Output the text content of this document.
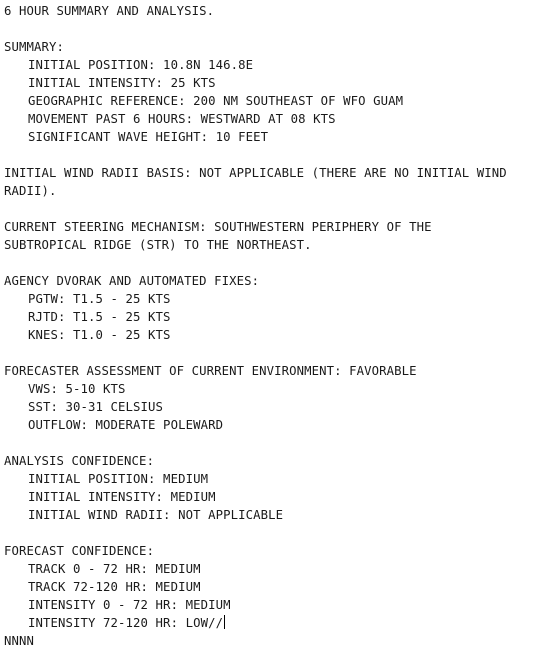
6 HOUR SUMMARY AND ANALYSIS.
SUMMARY:
INITIAL POSITION: 10.8N 146.8E
INITIAL INTENSITY: 25 KTS
GEOGRAPHIC REFERENCE: 200 NM SOUTHEAST OF WFO GUAM
MOVEMENT PAST 6 HOURS: WESTWARD AT 08 KTS
SIGNIFICANT WAVE HEIGHT: 10 FEET
INITIAL WIND RADII BASIS: NOT APPLICABLE (THERE ARE NO INITIAL WIND
RADII).
CURRENT STEERING MECHANISM: SOUTHWESTERN PERIPHERY OF THE
SUBTROPICAL RIDGE (STR) TO THE NORTHEAST.
AGENCY DVORAK AND AUTOMATED FIXES:
PGTW: T1.5 - 25 KTS
RJTD: T1.5 - 25 KTS
KNES: T1.0 - 25 KTS
FORECASTER ASSESSMENT OF CURRENT ENVIRONMENT: FAVORABLE
VWS: 5-10 KTS
SST: 30-31 CELSIUS
OUTFLOW: MODERATE POLEWARD
ANALYSIS CONFIDENCE:
INITIAL POSITION: MEDIUM
INITIAL INTENSITY: MEDIUM
INITIAL WIND RADII: NOT APPLICABLE
FORECAST CONFIDENCE:
TRACK 0 - 72 HR: MEDIUM
TRACK 72-120 HR: MEDIUM
INTENSITY 0 - 72 HR: MEDIUM
INTENSITY 72-120 HR: LOW//
NNNN
